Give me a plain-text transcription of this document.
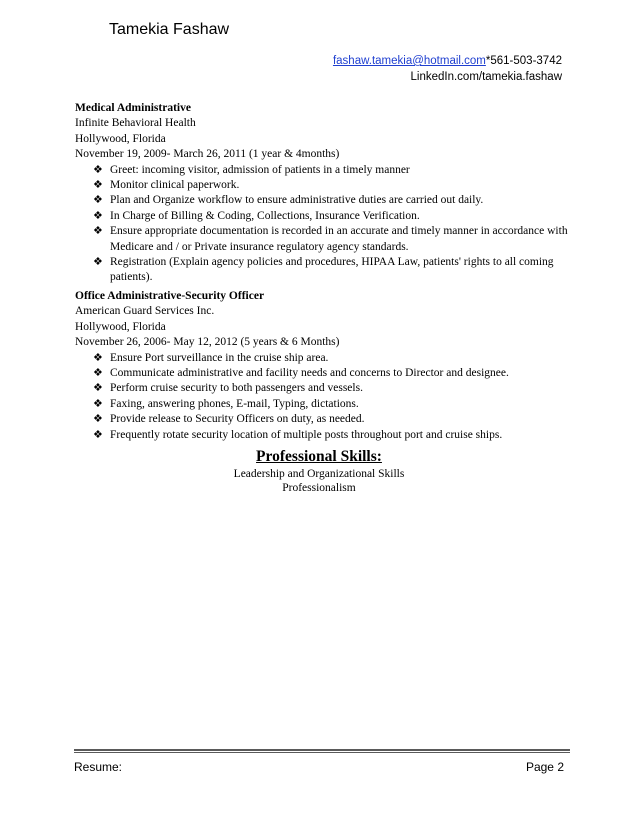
Tamekia Fashaw
fashaw.tamekia@hotmail.com*561-503-3742
LinkedIn.com/tamekia.fashaw
Medical Administrative
Infinite Behavioral Health
Hollywood, Florida
November 19, 2009- March 26, 2011 (1 year & 4months)
❖ Greet: incoming visitor, admission of patients in a timely manner
❖ Monitor clinical paperwork.
❖ Plan and Organize workflow to ensure administrative duties are carried out daily.
❖ In Charge of Billing & Coding, Collections, Insurance Verification.
❖ Ensure appropriate documentation is recorded in an accurate and timely manner in accordance with Medicare and / or Private insurance regulatory agency standards.
❖ Registration (Explain agency policies and procedures, HIPAA Law, patients' rights to all coming patients).
Office Administrative-Security Officer
American Guard Services Inc.
Hollywood, Florida
November 26, 2006- May 12, 2012 (5 years & 6 Months)
❖ Ensure Port surveillance in the cruise ship area.
❖ Communicate administrative and facility needs and concerns to Director and designee.
❖ Perform cruise security to both passengers and vessels.
❖ Faxing, answering phones, E-mail, Typing, dictations.
❖ Provide release to Security Officers on duty, as needed.
❖ Frequently rotate security location of multiple posts throughout port and cruise ships.
Professional Skills:
Leadership and Organizational Skills
Professionalism
Resume:	Page 2
